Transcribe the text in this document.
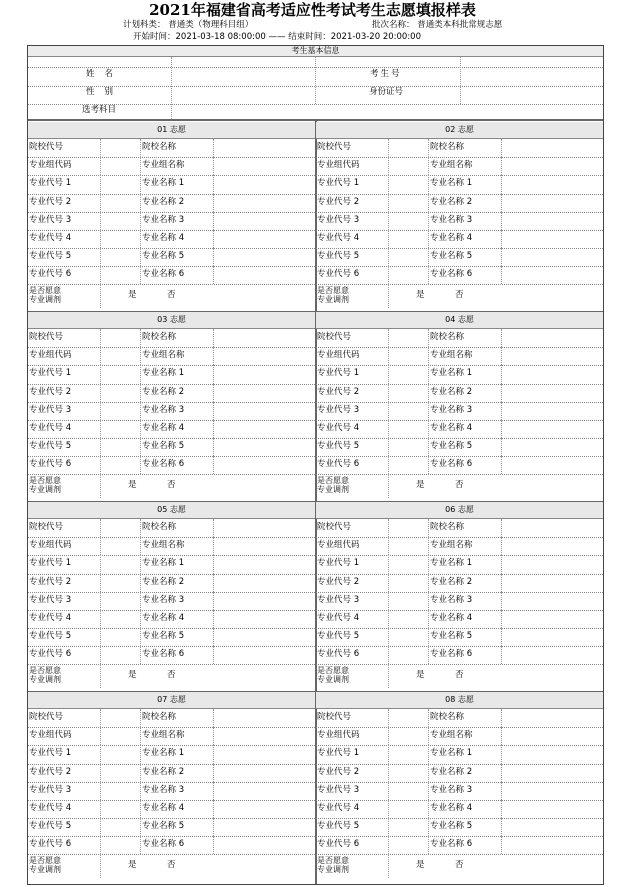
2021年福建省高考适应性考试考生志愿填报样表
计划科类： 普通类（物理科目组）	批次名称： 普通类本科批常规志愿
开始时间：2021-03-18 08:00:00 —— 结束时间：2021-03-20 20:00:00
考生基本信息
姓名	考生号
性别	身份证号
选考科目
01 志愿
院校代号	院校名称
专业组代码	专业组名称
专业代号 1	专业名称 1
专业代号 2	专业名称 2
专业代号 3	专业名称 3
专业代号 4	专业名称 4
专业代号 5	专业名称 5
专业代号 6	专业名称 6
是否愿意
专业调剂	是	否
02 志愿
院校代号	院校名称
专业组代码	专业组名称
专业代号 1	专业名称 1
专业代号 2	专业名称 2
专业代号 3	专业名称 3
专业代号 4	专业名称 4
专业代号 5	专业名称 5
专业代号 6	专业名称 6
是否愿意
专业调剂	是	否
03 志愿
院校代号	院校名称
专业组代码	专业组名称
专业代号 1	专业名称 1
专业代号 2	专业名称 2
专业代号 3	专业名称 3
专业代号 4	专业名称 4
专业代号 5	专业名称 5
专业代号 6	专业名称 6
是否愿意
专业调剂	是	否
04 志愿
院校代号	院校名称
专业组代码	专业组名称
专业代号 1	专业名称 1
专业代号 2	专业名称 2
专业代号 3	专业名称 3
专业代号 4	专业名称 4
专业代号 5	专业名称 5
专业代号 6	专业名称 6
是否愿意
专业调剂	是	否
05 志愿
院校代号	院校名称
专业组代码	专业组名称
专业代号 1	专业名称 1
专业代号 2	专业名称 2
专业代号 3	专业名称 3
专业代号 4	专业名称 4
专业代号 5	专业名称 5
专业代号 6	专业名称 6
是否愿意
专业调剂	是	否
06 志愿
院校代号	院校名称
专业组代码	专业组名称
专业代号 1	专业名称 1
专业代号 2	专业名称 2
专业代号 3	专业名称 3
专业代号 4	专业名称 4
专业代号 5	专业名称 5
专业代号 6	专业名称 6
是否愿意
专业调剂	是	否
07 志愿
院校代号	院校名称
专业组代码	专业组名称
专业代号 1	专业名称 1
专业代号 2	专业名称 2
专业代号 3	专业名称 3
专业代号 4	专业名称 4
专业代号 5	专业名称 5
专业代号 6	专业名称 6
是否愿意
专业调剂	是	否
08 志愿
院校代号	院校名称
专业组代码	专业组名称
专业代号 1	专业名称 1
专业代号 2	专业名称 2
专业代号 3	专业名称 3
专业代号 4	专业名称 4
专业代号 5	专业名称 5
专业代号 6	专业名称 6
是否愿意
专业调剂	是	否
